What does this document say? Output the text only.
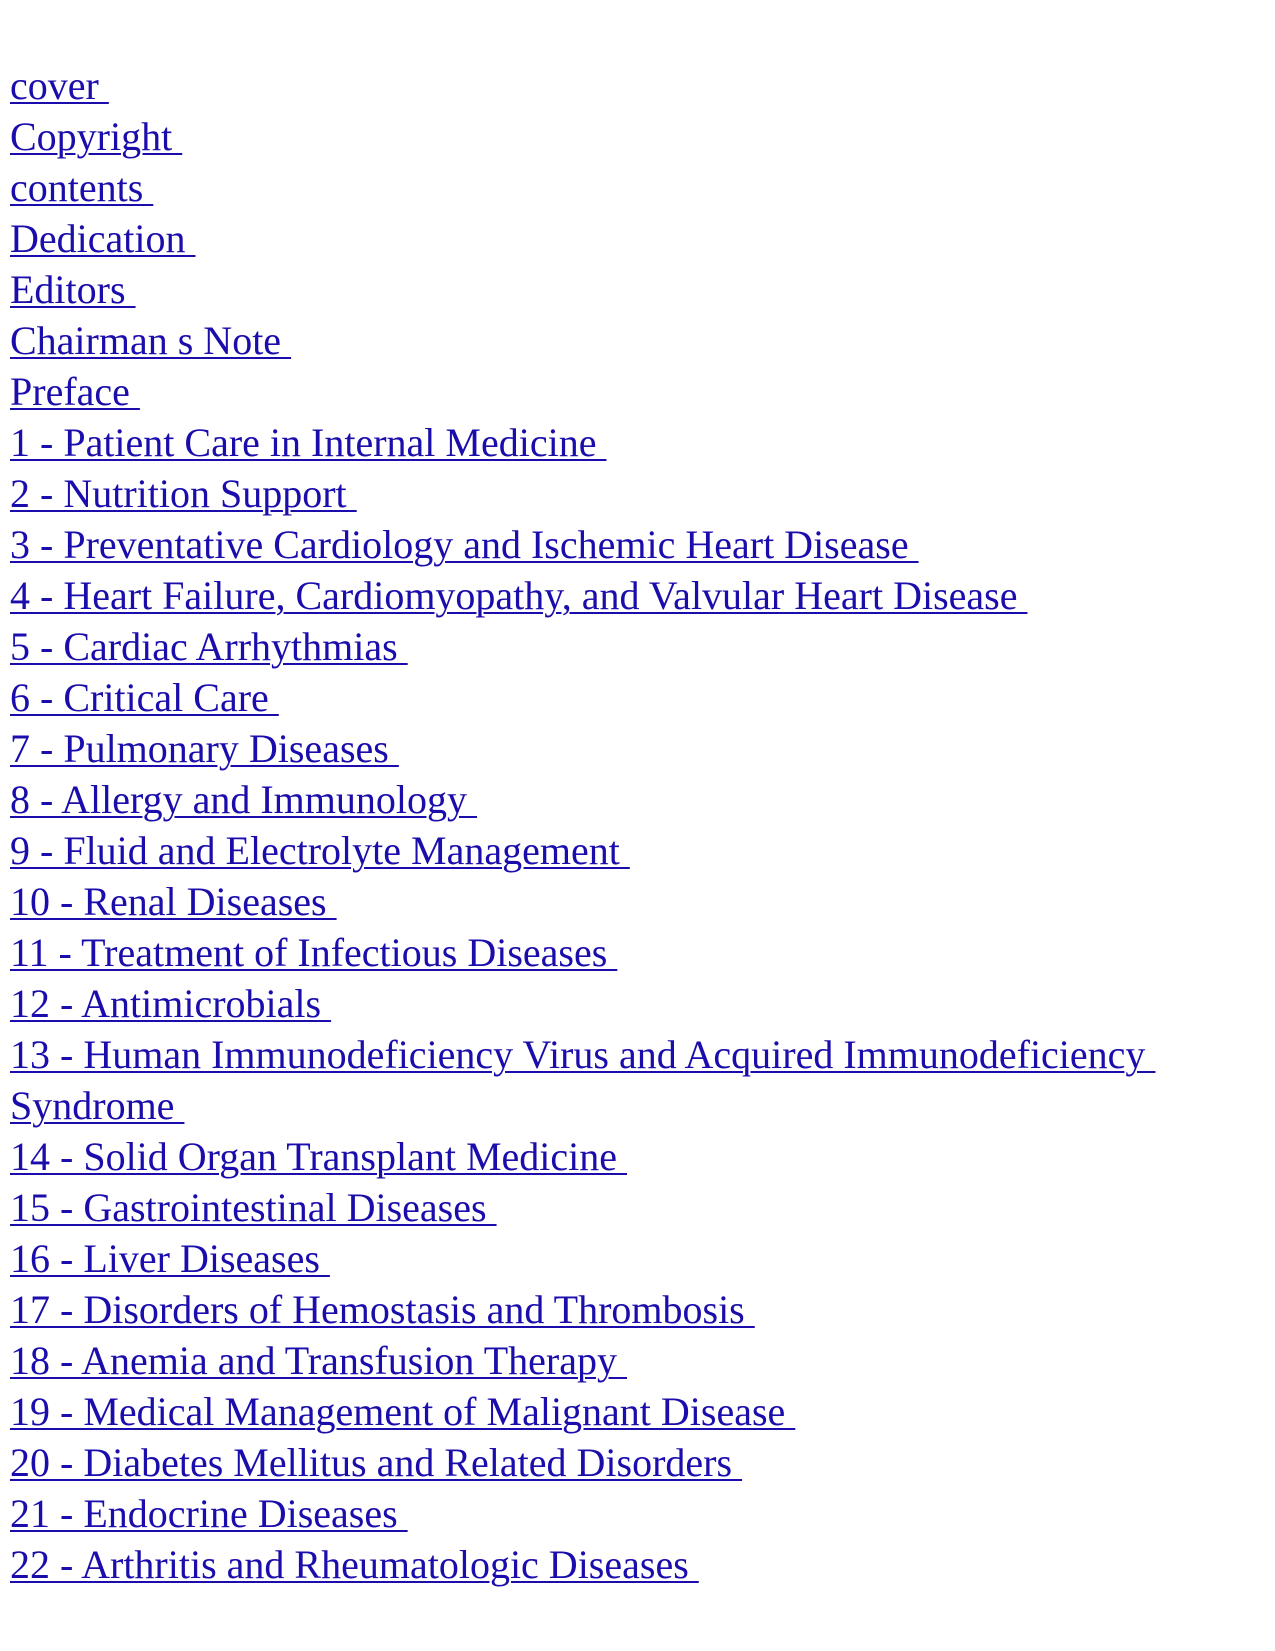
cover
Copyright
contents
Dedication
Editors
Chairman s Note
Preface
1 - Patient Care in Internal Medicine
2 - Nutrition Support
3 - Preventative Cardiology and Ischemic Heart Disease
4 - Heart Failure, Cardiomyopathy, and Valvular Heart Disease
5 - Cardiac Arrhythmias
6 - Critical Care
7 - Pulmonary Diseases
8 - Allergy and Immunology
9 - Fluid and Electrolyte Management
10 - Renal Diseases
11 - Treatment of Infectious Diseases
12 - Antimicrobials
13 - Human Immunodeficiency Virus and Acquired Immunodeficiency Syndrome
14 - Solid Organ Transplant Medicine
15 - Gastrointestinal Diseases
16 - Liver Diseases
17 - Disorders of Hemostasis and Thrombosis
18 - Anemia and Transfusion Therapy
19 - Medical Management of Malignant Disease
20 - Diabetes Mellitus and Related Disorders
21 - Endocrine Diseases
22 - Arthritis and Rheumatologic Diseases
